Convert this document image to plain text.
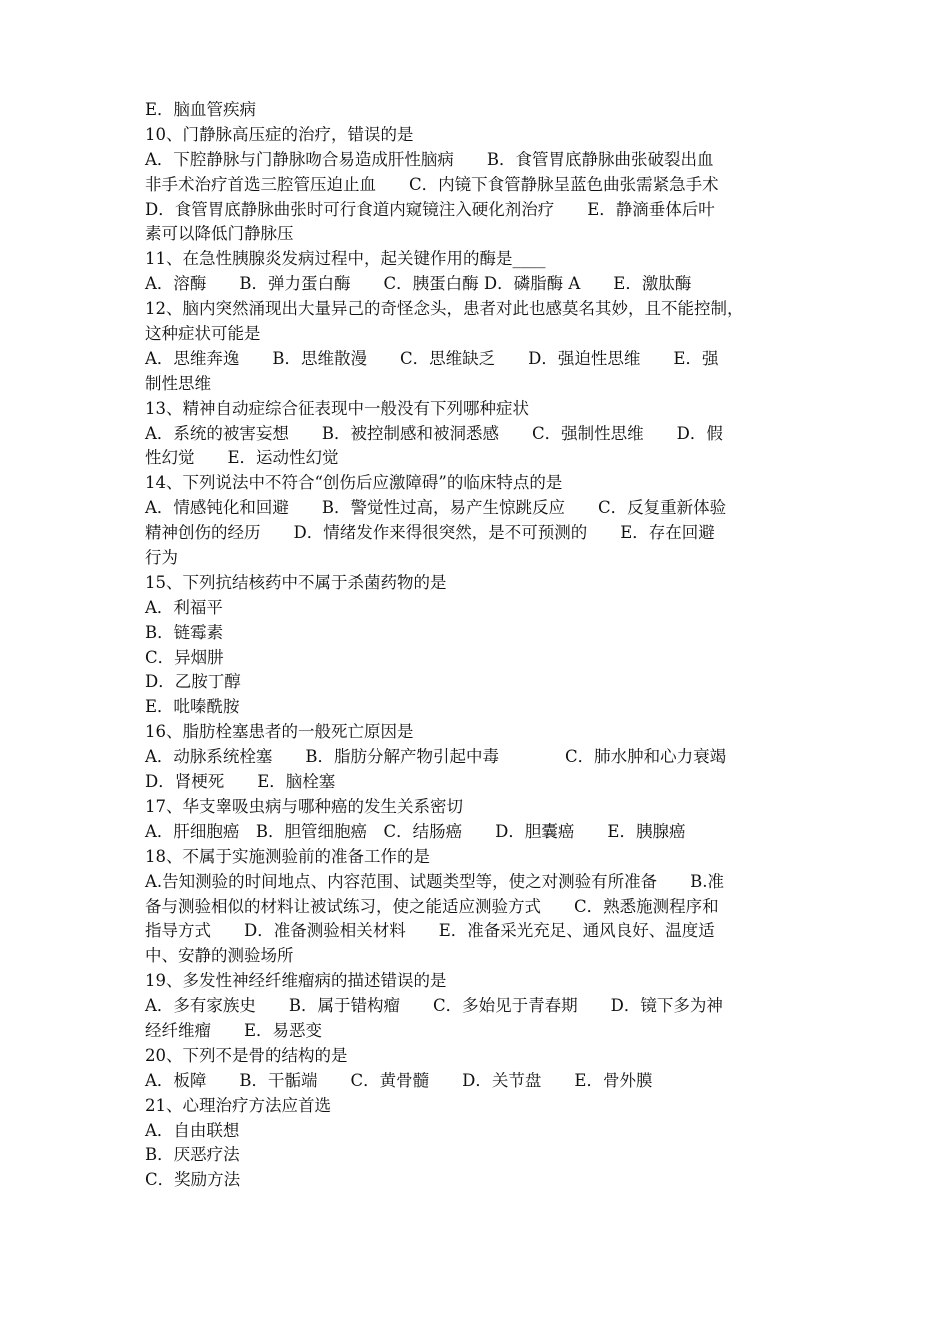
E．脑血管疾病
10、门静脉高压症的治疗，错误的是
A．下腔静脉与门静脉吻合易造成肝性脑病　　B．食管胃底静脉曲张破裂出血
非手术治疗首选三腔管压迫止血　　C．内镜下食管静脉呈蓝色曲张需紧急手术
D．食管胃底静脉曲张时可行食道内窥镜注入硬化剂治疗　　E．静滴垂体后叶
素可以降低门静脉压
11、在急性胰腺炎发病过程中，起关键作用的酶是____
A．溶酶　　B．弹力蛋白酶　　C．胰蛋白酶 D．磷脂酶 A　　E．激肽酶
12、脑内突然涌现出大量异己的奇怪念头，患者对此也感莫名其妙，且不能控制，
这种症状可能是
A．思维奔逸　　B．思维散漫　　C．思维缺乏　　D．强迫性思维　　E．强
制性思维
13、精神自动症综合征表现中一般没有下列哪种症状
A．系统的被害妄想　　B．被控制感和被洞悉感　　C．强制性思维　　D．假
性幻觉　　E．运动性幻觉
14、下列说法中不符合“创伤后应激障碍”的临床特点的是
A．情感钝化和回避　　B．警觉性过高，易产生惊跳反应　　C．反复重新体验
精神创伤的经历　　D．情绪发作来得很突然，是不可预测的　　E．存在回避
行为
15、下列抗结核药中不属于杀菌药物的是
A．利福平
B．链霉素
C．异烟肼
D．乙胺丁醇
E．吡嗪酰胺
16、脂肪栓塞患者的一般死亡原因是
A．动脉系统栓塞　　B．脂肪分解产物引起中毒　　　　C．肺水肿和心力衰竭
D．肾梗死　　E．脑栓塞
17、华支睾吸虫病与哪种癌的发生关系密切
A．肝细胞癌　B．胆管细胞癌　C．结肠癌　　D．胆囊癌　　E．胰腺癌
18、不属于实施测验前的准备工作的是
A.告知测验的时间地点、内容范围、试题类型等，使之对测验有所准备　　B.准
备与测验相似的材料让被试练习，使之能适应测验方式　　C．熟悉施测程序和
指导方式　　D．准备测验相关材料　　E．准备采光充足、通风良好、温度适
中、安静的测验场所
19、多发性神经纤维瘤病的描述错误的是
A．多有家族史　　B．属于错构瘤　　C．多始见于青春期　　D．镜下多为神
经纤维瘤　　E．易恶变
20、下列不是骨的结构的是
A．板障　　B．干骺端　　C．黄骨髓　　D．关节盘　　E．骨外膜
21、心理治疗方法应首选
A．自由联想
B．厌恶疗法
C．奖励方法
